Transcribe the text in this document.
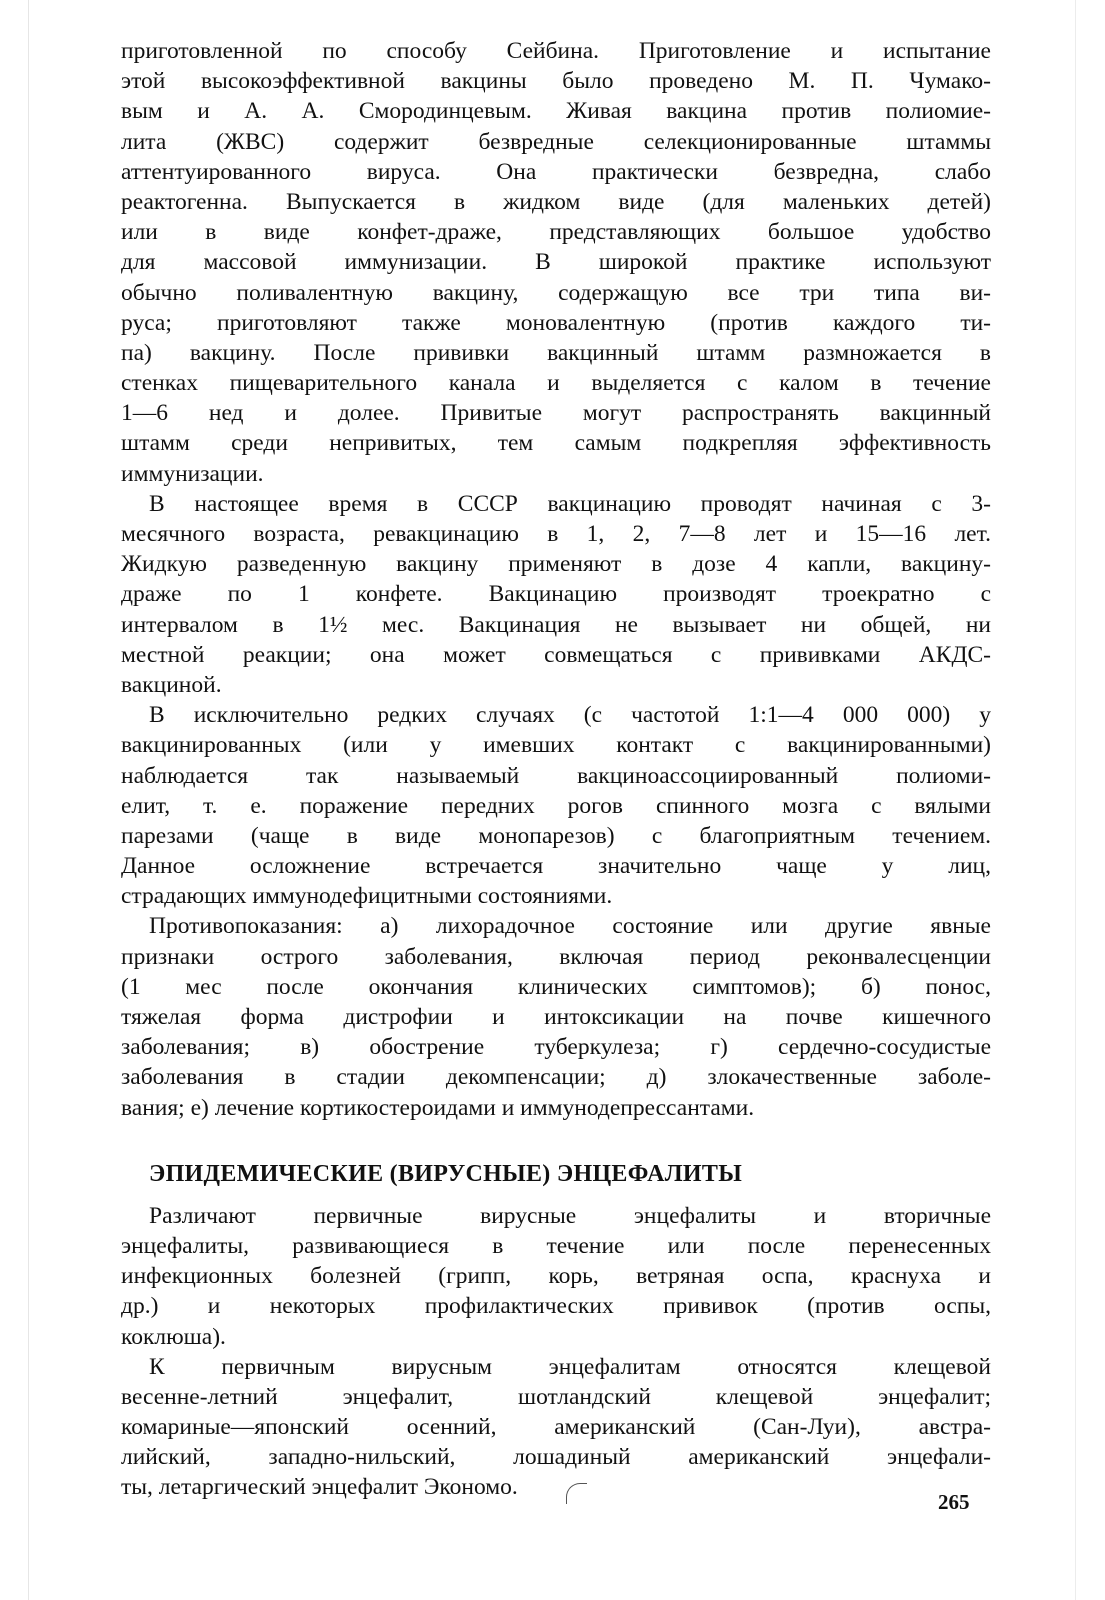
приготовленной по способу Сейбина. Приготовление и испытание
этой высокоэффективной вакцины было проведено М. П. Чумако-
вым и А. А. Смородинцевым. Живая вакцина против полиомие-
лита (ЖВС) содержит безвредные селекционированные штаммы
аттентуированного вируса. Она практически безвредна, слабо
реактогенна. Выпускается в жидком виде (для маленьких детей)
или в виде конфет-драже, представляющих большое удобство
для массовой иммунизации. В широкой практике используют
обычно поливалентную вакцину, содержащую все три типа ви-
руса; приготовляют также моновалентную (против каждого ти-
па) вакцину. После прививки вакцинный штамм размножается в
стенках пищеварительного канала и выделяется с калом в течение
1—6 нед и долее. Привитые могут распространять вакцинный
штамм среди непривитых, тем самым подкрепляя эффективность
иммунизации.
В настоящее время в СССР вакцинацию проводят начиная с 3-
месячного возраста, ревакцинацию в 1, 2, 7—8 лет и 15—16 лет.
Жидкую разведенную вакцину применяют в дозе 4 капли, вакцину-
драже по 1 конфете. Вакцинацию производят троекратно с
интервалом в 1½ мес. Вакцинация не вызывает ни общей, ни
местной реакции; она может совмещаться с прививками АКДС-
вакциной.
В исключительно редких случаях (с частотой 1:1—4 000 000) у
вакцинированных (или у имевших контакт с вакцинированными)
наблюдается так называемый вакциноассоциированный полиоми-
елит, т. е. поражение передних рогов спинного мозга с вялыми
парезами (чаще в виде монопарезов) с благоприятным течением.
Данное осложнение встречается значительно чаще у лиц,
страдающих иммунодефицитными состояниями.
Противопоказания: а) лихорадочное состояние или другие явные
признаки острого заболевания, включая период реконвалесценции
(1 мес после окончания клинических симптомов); б) понос,
тяжелая форма дистрофии и интоксикации на почве кишечного
заболевания; в) обострение туберкулеза; г) сердечно-сосудистые
заболевания в стадии декомпенсации; д) злокачественные заболе-
вания; е) лечение кортикостероидами и иммунодепрессантами.
ЭПИДЕМИЧЕСКИЕ (ВИРУСНЫЕ) ЭНЦЕФАЛИТЫ
Различают первичные вирусные энцефалиты и вторичные
энцефалиты, развивающиеся в течение или после перенесенных
инфекционных болезней (грипп, корь, ветряная оспа, краснуха и
др.) и некоторых профилактических прививок (против оспы,
коклюша).
К первичным вирусным энцефалитам относятся клещевой
весенне-летний энцефалит, шотландский клещевой энцефалит;
комариные—японский осенний, американский (Сан-Луи), австра-
лийский, западно-нильский, лошадиный американский энцефали-
ты, летаргический энцефалит Экономо.
265
